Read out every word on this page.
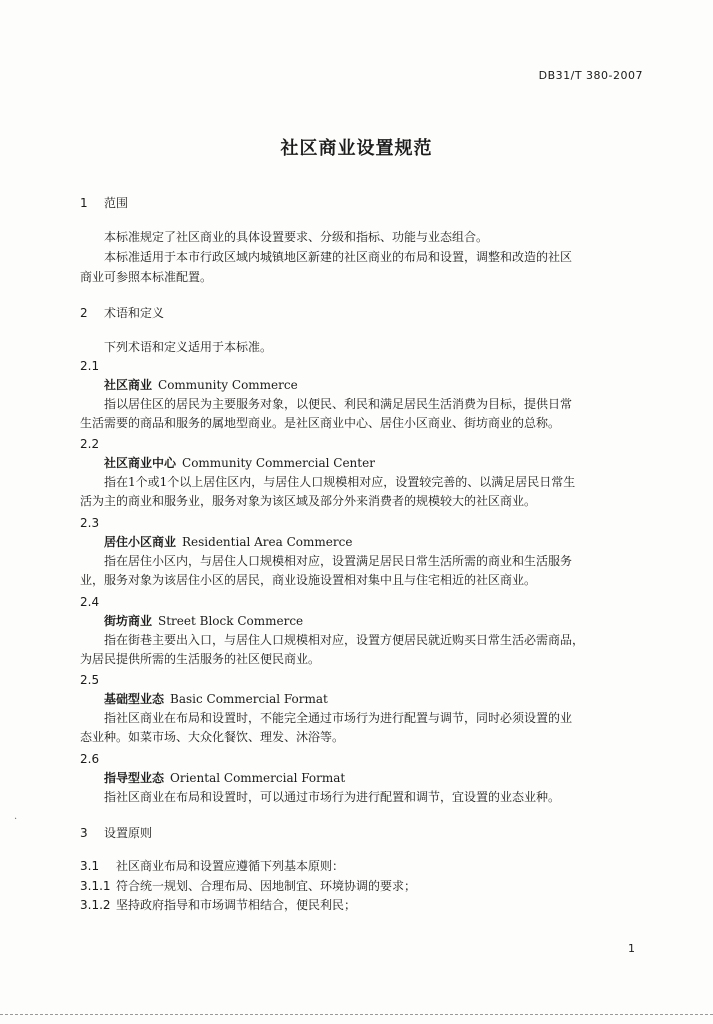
DB31/T 380-2007
社区商业设置规范
1 范围
本标准规定了社区商业的具体设置要求、分级和指标、功能与业态组合。
本标准适用于本市行政区域内城镇地区新建的社区商业的布局和设置，调整和改造的社区
商业可参照本标准配置。
2 术语和定义
下列术语和定义适用于本标准。
2.1
社区商业 Community Commerce
指以居住区的居民为主要服务对象，以便民、利民和满足居民生活消费为目标，提供日常
生活需要的商品和服务的属地型商业。是社区商业中心、居住小区商业、街坊商业的总称。
2.2
社区商业中心 Community Commercial Center
指在1个或1个以上居住区内，与居住人口规模相对应，设置较完善的、以满足居民日常生
活为主的商业和服务业，服务对象为该区域及部分外来消费者的规模较大的社区商业。
2.3
居住小区商业 Residential Area Commerce
指在居住小区内，与居住人口规模相对应，设置满足居民日常生活所需的商业和生活服务
业，服务对象为该居住小区的居民，商业设施设置相对集中且与住宅相近的社区商业。
2.4
街坊商业 Street Block Commerce
指在街巷主要出入口，与居住人口规模相对应，设置方便居民就近购买日常生活必需商品，
为居民提供所需的生活服务的社区便民商业。
2.5
基础型业态 Basic Commercial Format
指社区商业在布局和设置时，不能完全通过市场行为进行配置与调节，同时必须设置的业
态业种。如菜市场、大众化餐饮、理发、沐浴等。
2.6
指导型业态 Oriental Commercial Format
指社区商业在布局和设置时，可以通过市场行为进行配置和调节，宜设置的业态业种。
·
3 设置原则
3.1 社区商业布局和设置应遵循下列基本原则：
3.1.1 符合统一规划、合理布局、因地制宜、环境协调的要求；
3.1.2 坚持政府指导和市场调节相结合，便民利民；
1
